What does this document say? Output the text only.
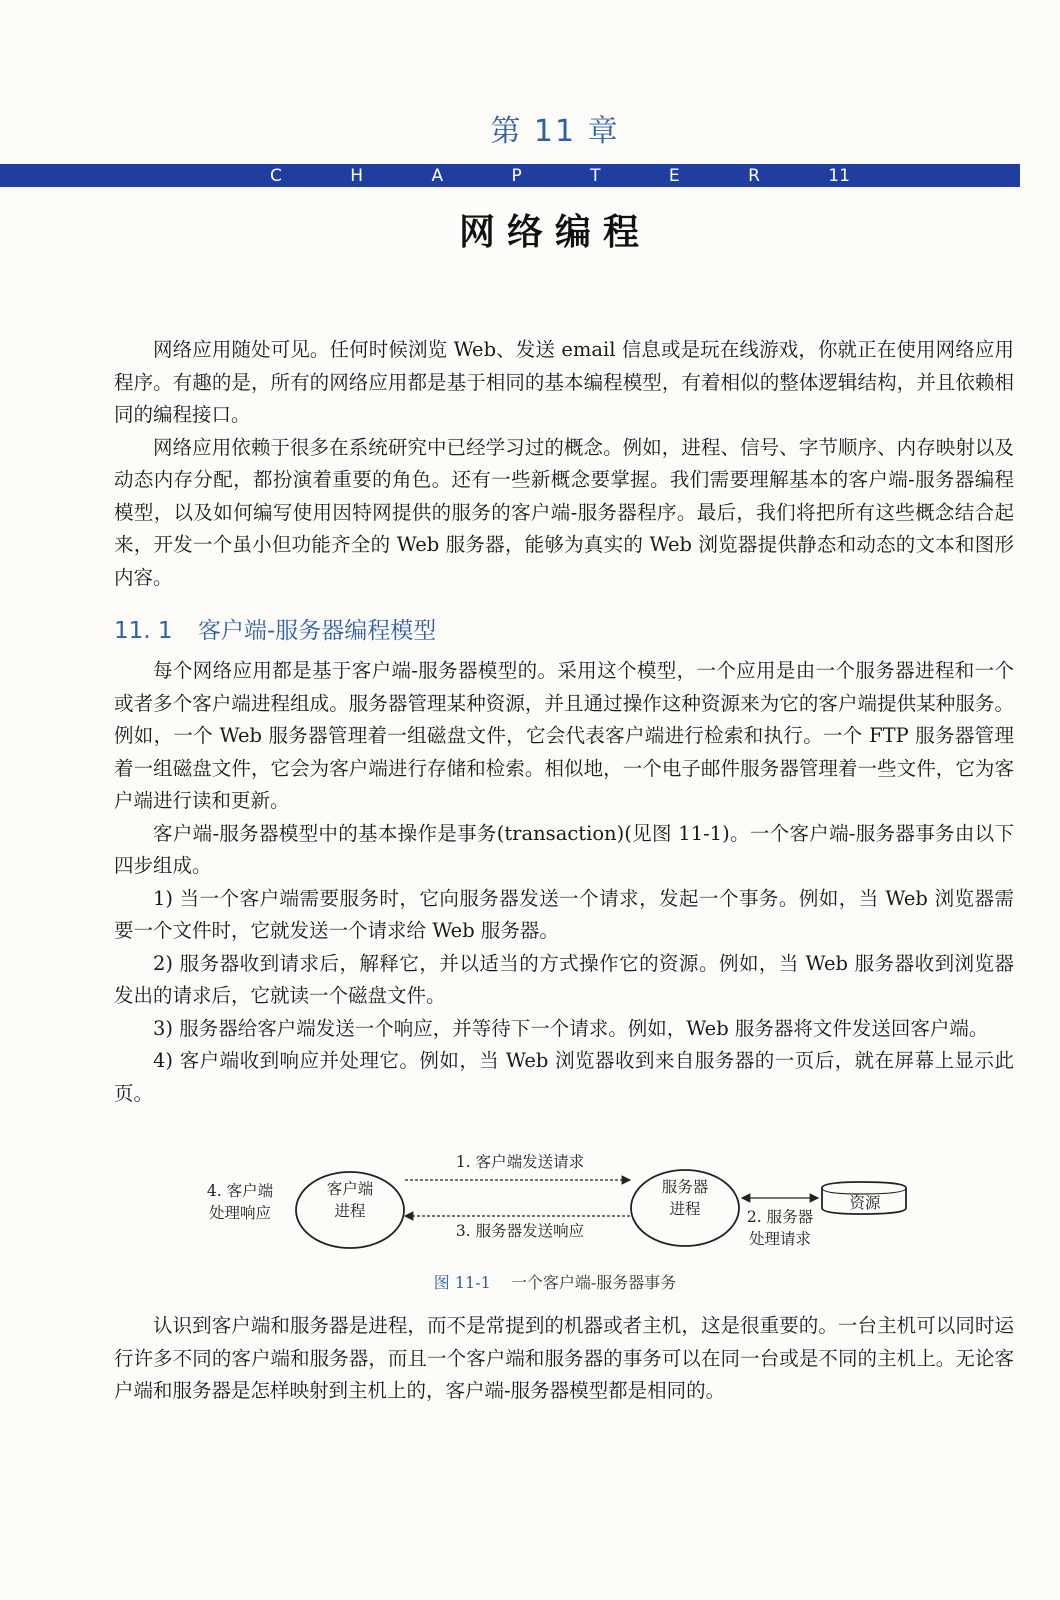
第 11 章
C	H	A	P	T	E	R	11
网络编程

网络应用随处可见。任何时候浏览 Web、发送 email 信息或是玩在线游戏，你就正在使用网络应用程序。有趣的是，所有的网络应用都是基于相同的基本编程模型，有着相似的整体逻辑结构，并且依赖相同的编程接口。

网络应用依赖于很多在系统研究中已经学习过的概念。例如，进程、信号、字节顺序、内存映射以及动态内存分配，都扮演着重要的角色。还有一些新概念要掌握。我们需要理解基本的客户端-服务器编程模型，以及如何编写使用因特网提供的服务的客户端-服务器程序。最后，我们将把所有这些概念结合起来，开发一个虽小但功能齐全的 Web 服务器，能够为真实的 Web 浏览器提供静态和动态的文本和图形内容。

11. 1 客户端-服务器编程模型

每个网络应用都是基于客户端-服务器模型的。采用这个模型，一个应用是由一个服务器进程和一个或者多个客户端进程组成。服务器管理某种资源，并且通过操作这种资源来为它的客户端提供某种服务。例如，一个 Web 服务器管理着一组磁盘文件，它会代表客户端进行检索和执行。一个 FTP 服务器管理着一组磁盘文件，它会为客户端进行存储和检索。相似地，一个电子邮件服务器管理着一些文件，它为客户端进行读和更新。

客户端-服务器模型中的基本操作是事务(transaction)(见图 11-1)。一个客户端-服务器事务由以下四步组成。

1) 当一个客户端需要服务时，它向服务器发送一个请求，发起一个事务。例如，当 Web 浏览器需要一个文件时，它就发送一个请求给 Web 服务器。

2) 服务器收到请求后，解释它，并以适当的方式操作它的资源。例如，当 Web 服务器收到浏览器发出的请求后，它就读一个磁盘文件。

3) 服务器给客户端发送一个响应，并等待下一个请求。例如，Web 服务器将文件发送回客户端。

4) 客户端收到响应并处理它。例如，当 Web 浏览器收到来自服务器的一页后，就在屏幕上显示此页。

客户端
进程
服务器
进程	资源
1. 客户端发送请求
3. 服务器发送响应
2. 服务器
处理请求
4. 客户端
处理响应
图 11-1 一个客户端-服务器事务

认识到客户端和服务器是进程，而不是常提到的机器或者主机，这是很重要的。一台主机可以同时运行许多不同的客户端和服务器，而且一个客户端和服务器的事务可以在同一台或是不同的主机上。无论客户端和服务器是怎样映射到主机上的，客户端-服务器模型都是相同的。
